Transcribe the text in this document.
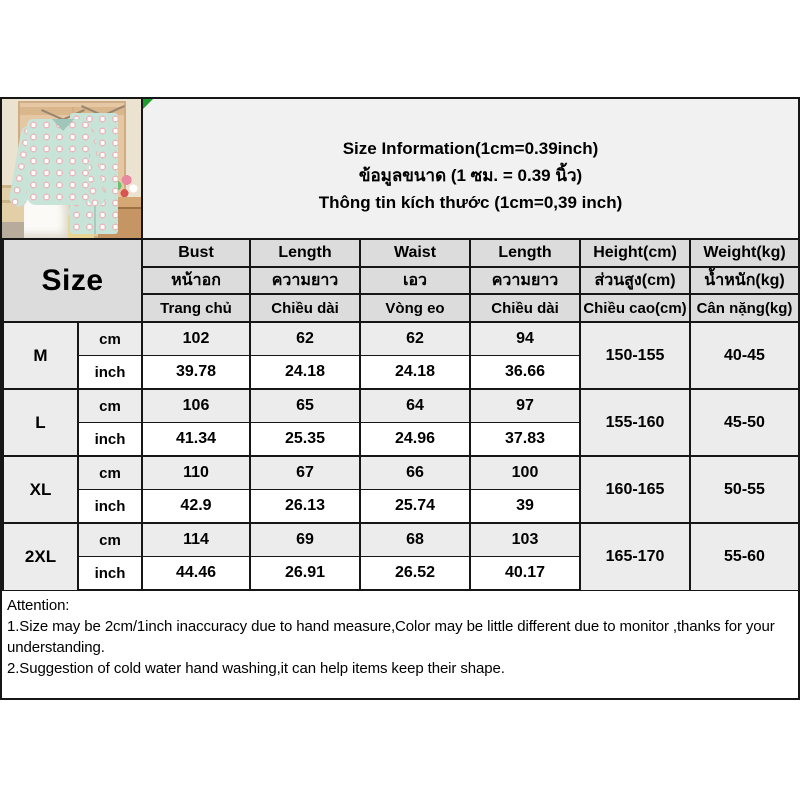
Size Information(1cm=0.39inch)
ข้อมูลขนาด (1 ซม. = 0.39 นิ้ว)
Thông tin kích thước (1cm=0,39 inch)
Size		Bust	Length	Waist	Length	Height(cm)	Weight(kg)
		หน้าอก	ความยาว	เอว	ความยาว	ส่วนสูง(cm)	น้ำหนัก(kg)
		Trang chủ	Chiều dài	Vòng eo	Chiều dài	Chiều cao(cm)	Cân nặng(kg)
M	cm	102	62	62	94	150-155	40-45
	inch	39.78	24.18	24.18	36.66		
L	cm	106	65	64	97	155-160	45-50
	inch	41.34	25.35	24.96	37.83		
XL	cm	110	67	66	100	160-165	50-55
	inch	42.9	26.13	25.74	39		
2XL	cm	114	69	68	103	165-170	55-60
	inch	44.46	26.91	26.52	40.17		
Attention:
1.Size may be 2cm/1inch inaccuracy due to hand measure,Color may be little different due to monitor ,thanks for your understanding.
2.Suggestion of cold water hand washing,it can help items keep their shape.
